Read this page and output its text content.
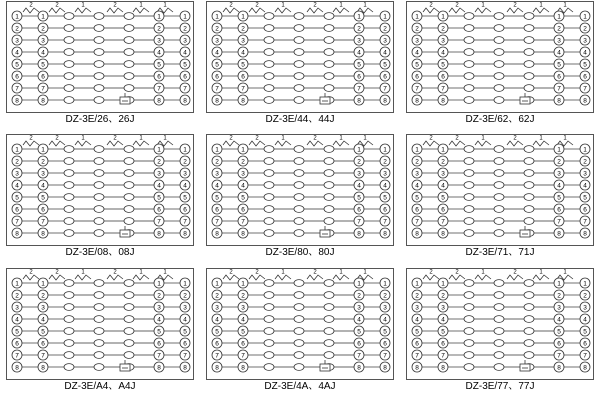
2	2	1	2	1	1
1	1	1	1
2	2	2	2
3	3	3	3
4	4	4	4
5	5	5	5
6	6	6	6
7	7	7	7
8	8	8	8
DZ-3E/26、26J
2	2	1	2	1	1
1	1	1	1
2	2	2	2
3	3	3	3
4	4	4	4
5	5	5	5
6	6	6	6
7	7	7	7
8	8	8	8
DZ-3E/44、44J
2	2	1	2	1	1
1	1	1	1
2	2	2	2
3	3	3	3
4	4	4	4
5	5	5	5
6	6	6	6
7	7	7	7
8	8	8	8
DZ-3E/62、62J
2	2	1	2	1	1
1	1	1	1
2	2	2	2
3	3	3	3
4	4	4	4
5	5	5	5
6	6	6	6
7	7	7	7
8	8	8	8
DZ-3E/08、08J
2	2	1	2	1	1
1	1	1	1
2	2	2	2
3	3	3	3
4	4	4	4
5	5	5	5
6	6	6	6
7	7	7	7
8	8	8	8
DZ-3E/80、80J
2	2	1	2	1	1
1	1	1	1
2	2	2	2
3	3	3	3
4	4	4	4
5	5	5	5
6	6	6	6
7	7	7	7
8	8	8	8
DZ-3E/71、71J
2	2	1	2	1	1
1	1	1	1
2	2	2	2
3	3	3	3
4	4	4	4
5	5	5	5
6	6	6	6
7	7	7	7
8	8	8	8
DZ-3E/A4、A4J
2	2	1	2	1	1
1	1	1	1
2	2	2	2
3	3	3	3
4	4	4	4
5	5	5	5
6	6	6	6
7	7	7	7
8	8	8	8
DZ-3E/4A、4AJ
2	2	1	2	1	1
1	1	1	1
2	2	2	2
3	3	3	3
4	4	4	4
5	5	5	5
6	6	6	6
7	7	7	7
8	8	8	8
DZ-3E/77、77J
